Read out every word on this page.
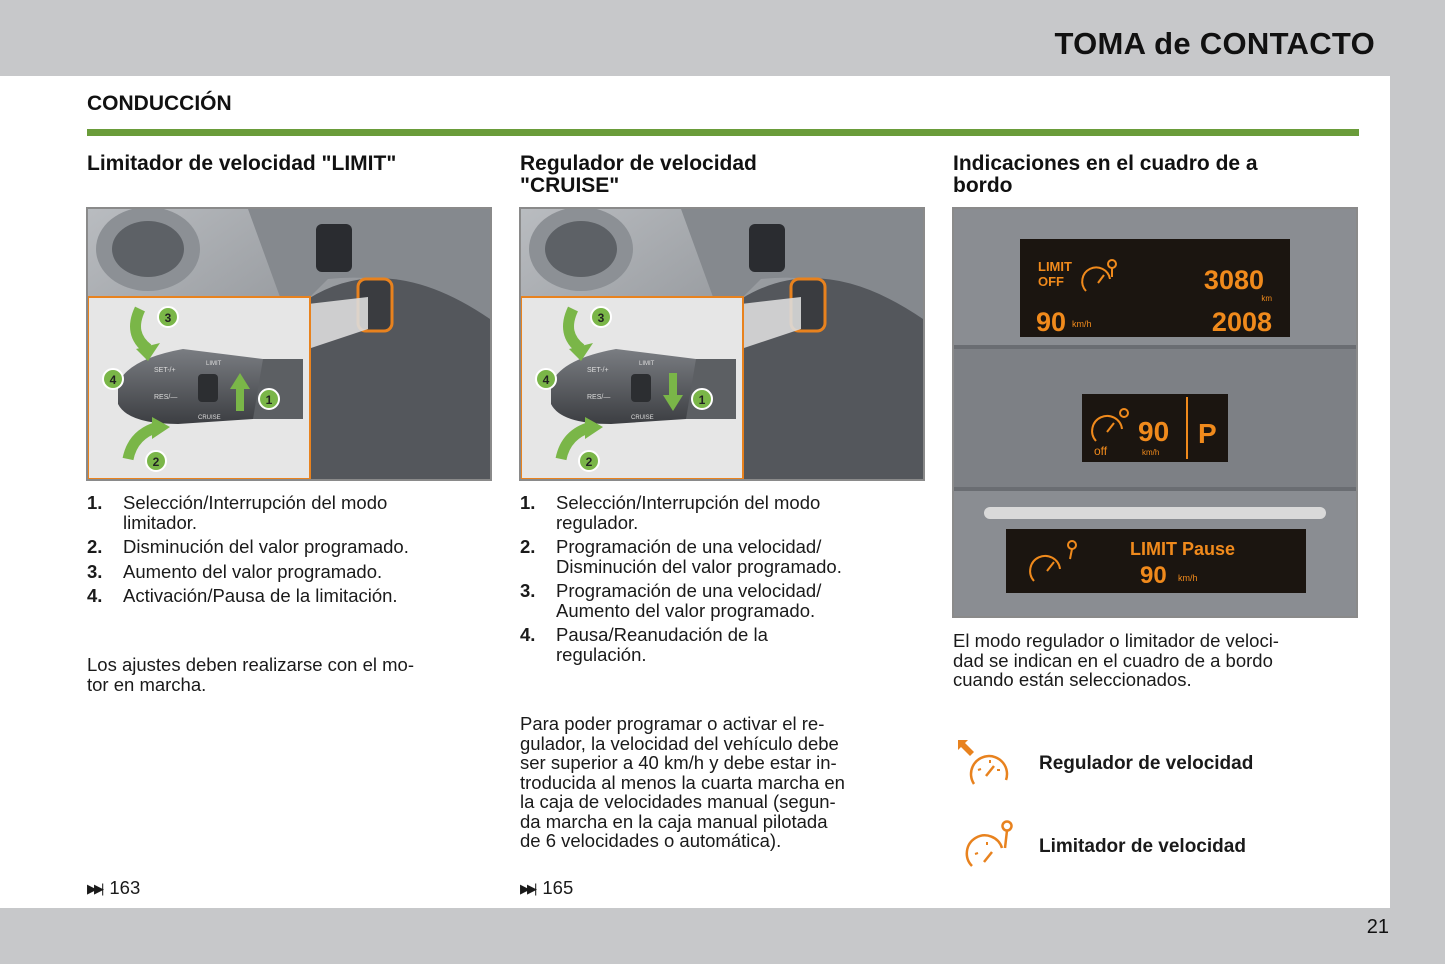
TOMA de CONTACTO
CONDUCCIÓN
Limitador de velocidad "LIMIT"
SET-/+
RES/—
CRUISE
LIMIT
3
4
1
2
1. Selección/Interrupción del modo
limitador.
2. Disminución del valor programado.
3. Aumento del valor programado.
4. Activación/Pausa de la limitación.
Los ajustes deben realizarse con el mo-
tor en marcha.
▶▶| 163
Regulador de velocidad
"CRUISE"
SET-/+
RES/—
CRUISE
LIMIT
3
4
1
2
1. Selección/Interrupción del modo
regulador.
2. Programación de una velocidad/
Disminución del valor programado.
3. Programación de una velocidad/
Aumento del valor programado.
4. Pausa/Reanudación de la
regulación.
Para poder programar o activar el re-
gulador, la velocidad del vehículo debe
ser superior a 40 km/h y debe estar in-
troducida al menos la cuarta marcha en
la caja de velocidades manual (segun-
da marcha en la caja manual pilotada
de 6 velocidades o automática).
▶▶| 165
Indicaciones en el cuadro de a
bordo
LIMIT
OFF	3080
km
2008
90 km/h
off
90
km/h
P
LIMIT Pause
90 km/h
El modo regulador o limitador de veloci-
dad se indican en el cuadro de a bordo
cuando están seleccionados.
Regulador de velocidad
Limitador de velocidad
21
